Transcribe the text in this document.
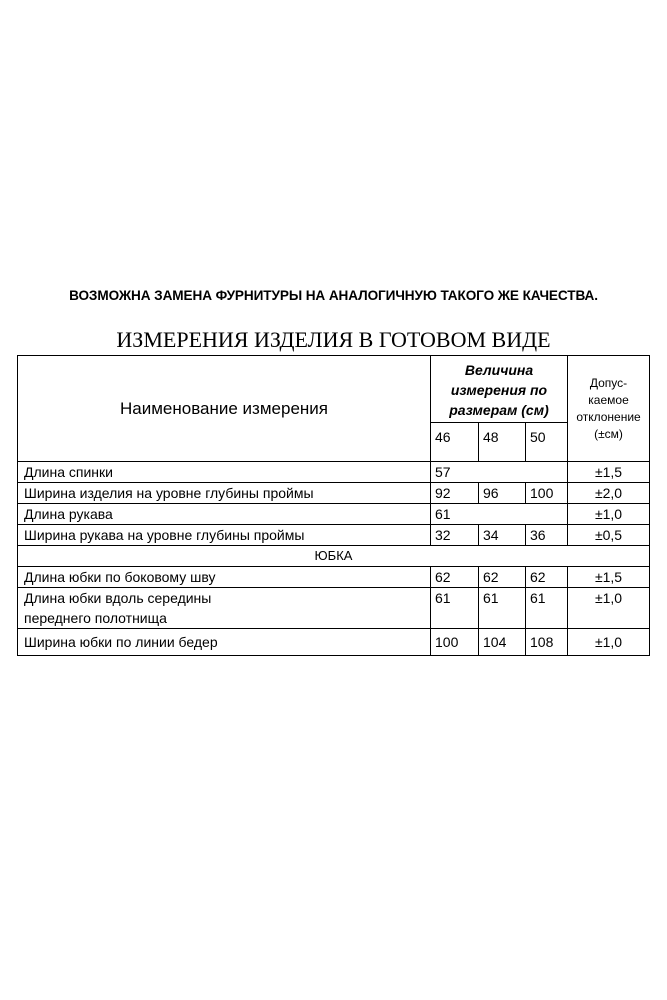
ВОЗМОЖНА ЗАМЕНА ФУРНИТУРЫ НА АНАЛОГИЧНУЮ ТАКОГО ЖЕ КАЧЕСТВА.
ИЗМЕРЕНИЯ ИЗДЕЛИЯ В ГОТОВОМ ВИДЕ
Наименование измерения	Величина измерения по размерам (см)			Допус-каемое отклонение (±см)
	46	48	50	
Длина спинки	57			±1,5
Ширина изделия на уровне глубины проймы	92	96	100	±2,0
Длина рукава	61			±1,0
Ширина рукава на уровне глубины проймы	32	34	36	±0,5
ЮБКА				
Длина юбки по боковому шву	62	62	62	±1,5
Длина юбки вдоль середины переднего полотнища	61	61	61	±1,0
Ширина юбки по линии бедер	100	104	108	±1,0
